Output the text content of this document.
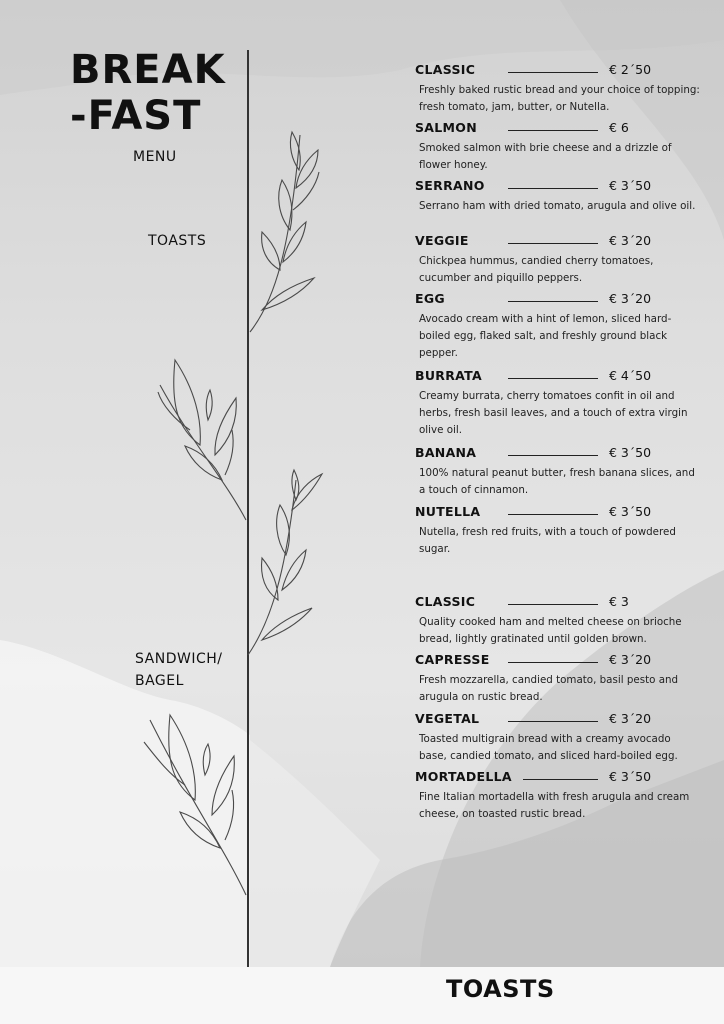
BREAK
-FAST
MENU
TOASTS
SANDWICH/
BAGEL
CLASSIC	€ 2´50
Freshly baked rustic bread and your choice of topping: fresh tomato, jam, butter, or Nutella.
SALMON	€ 6
Smoked salmon with brie cheese and a drizzle of flower honey.
SERRANO	€ 3´50
Serrano ham with dried tomato, arugula and olive oil.
VEGGIE	€ 3´20
Chickpea hummus, candied cherry tomatoes, cucumber and piquillo peppers.
EGG	€ 3´20
Avocado cream with a hint of lemon, sliced hard-boiled egg, flaked salt, and freshly ground black pepper.
BURRATA	€ 4´50
Creamy burrata, cherry tomatoes confit in oil and herbs, fresh basil leaves, and a touch of extra virgin olive oil.
BANANA	€ 3´50
100% natural peanut butter, fresh banana slices, and a touch of cinnamon.
NUTELLA	€ 3´50
Nutella, fresh red fruits, with a touch of powdered sugar.
CLASSIC	€ 3
Quality cooked ham and melted cheese on brioche bread, lightly gratinated until golden brown.
CAPRESSE	€ 3´20
Fresh mozzarella, candied tomato, basil pesto and arugula on rustic bread.
VEGETAL	€ 3´20
Toasted multigrain bread with a creamy avocado base, candied tomato, and sliced hard-boiled egg.
MORTADELLA	€ 3´50
Fine Italian mortadella with fresh arugula and cream cheese, on toasted rustic bread.
TOASTS
